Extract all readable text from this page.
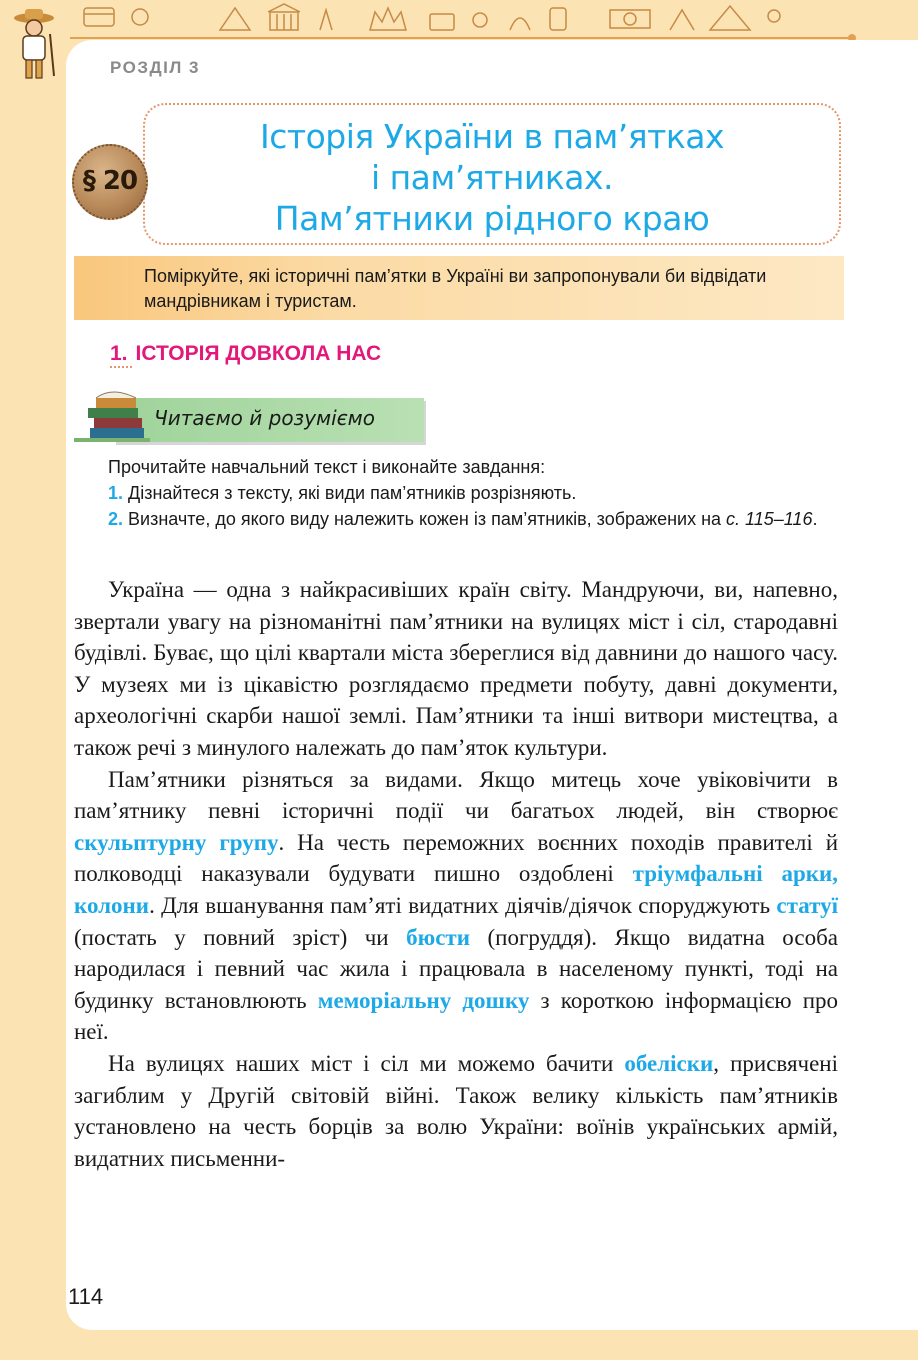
РОЗДІЛ 3
Історія України в пам’ятках
і пам’ятниках.
Пам’ятники рідного краю
§ 20
Поміркуйте, які історичні пам’ятки в Україні ви запропонували би відвідати мандрівникам і туристам.
1. ІСТОРІЯ ДОВКОЛА НАС
Читаємо й розуміємо
Прочитайте навчальний текст і виконайте завдання:
1. Дізнайтеся з тексту, які види пам’ятників розрізняють.
2. Визначте, до якого виду належить кожен із пам’ятників, зображених на с. 115–116.

Україна — одна з найкрасивіших країн світу. Мандруючи, ви, напевно, звертали увагу на різноманітні пам’ятники на вулицях міст і сіл, стародавні будівлі. Буває, що цілі квартали міста збереглися від давнини до нашого часу. У музеях ми із цікавістю розглядаємо предмети побуту, давні документи, археологічні скарби нашої землі. Пам’ятники та інші витвори мистецтва, а також речі з минулого належать до пам’яток культури.

Пам’ятники різняться за видами. Якщо митець хоче увіковічити в пам’ятнику певні історичні події чи багатьох людей, він створює скульптурну групу. На честь переможних воєнних походів правителі й полководці наказували будувати пишно оздоблені тріумфальні арки, колони. Для вшанування пам’яті видатних діячів/діячок споруджують статуї (постать у повний зріст) чи бюсти (погруддя). Якщо видатна особа народилася і певний час жила і працювала в населеному пункті, тоді на будинку встановлюють меморіальну дошку з короткою інформацією про неї.

На вулицях наших міст і сіл ми можемо бачити обеліски, присвячені загиблим у Другій світовій війні. Також велику кількість пам’ятників установлено на честь борців за волю України: воїнів українських армій, видатних письменни-

114
